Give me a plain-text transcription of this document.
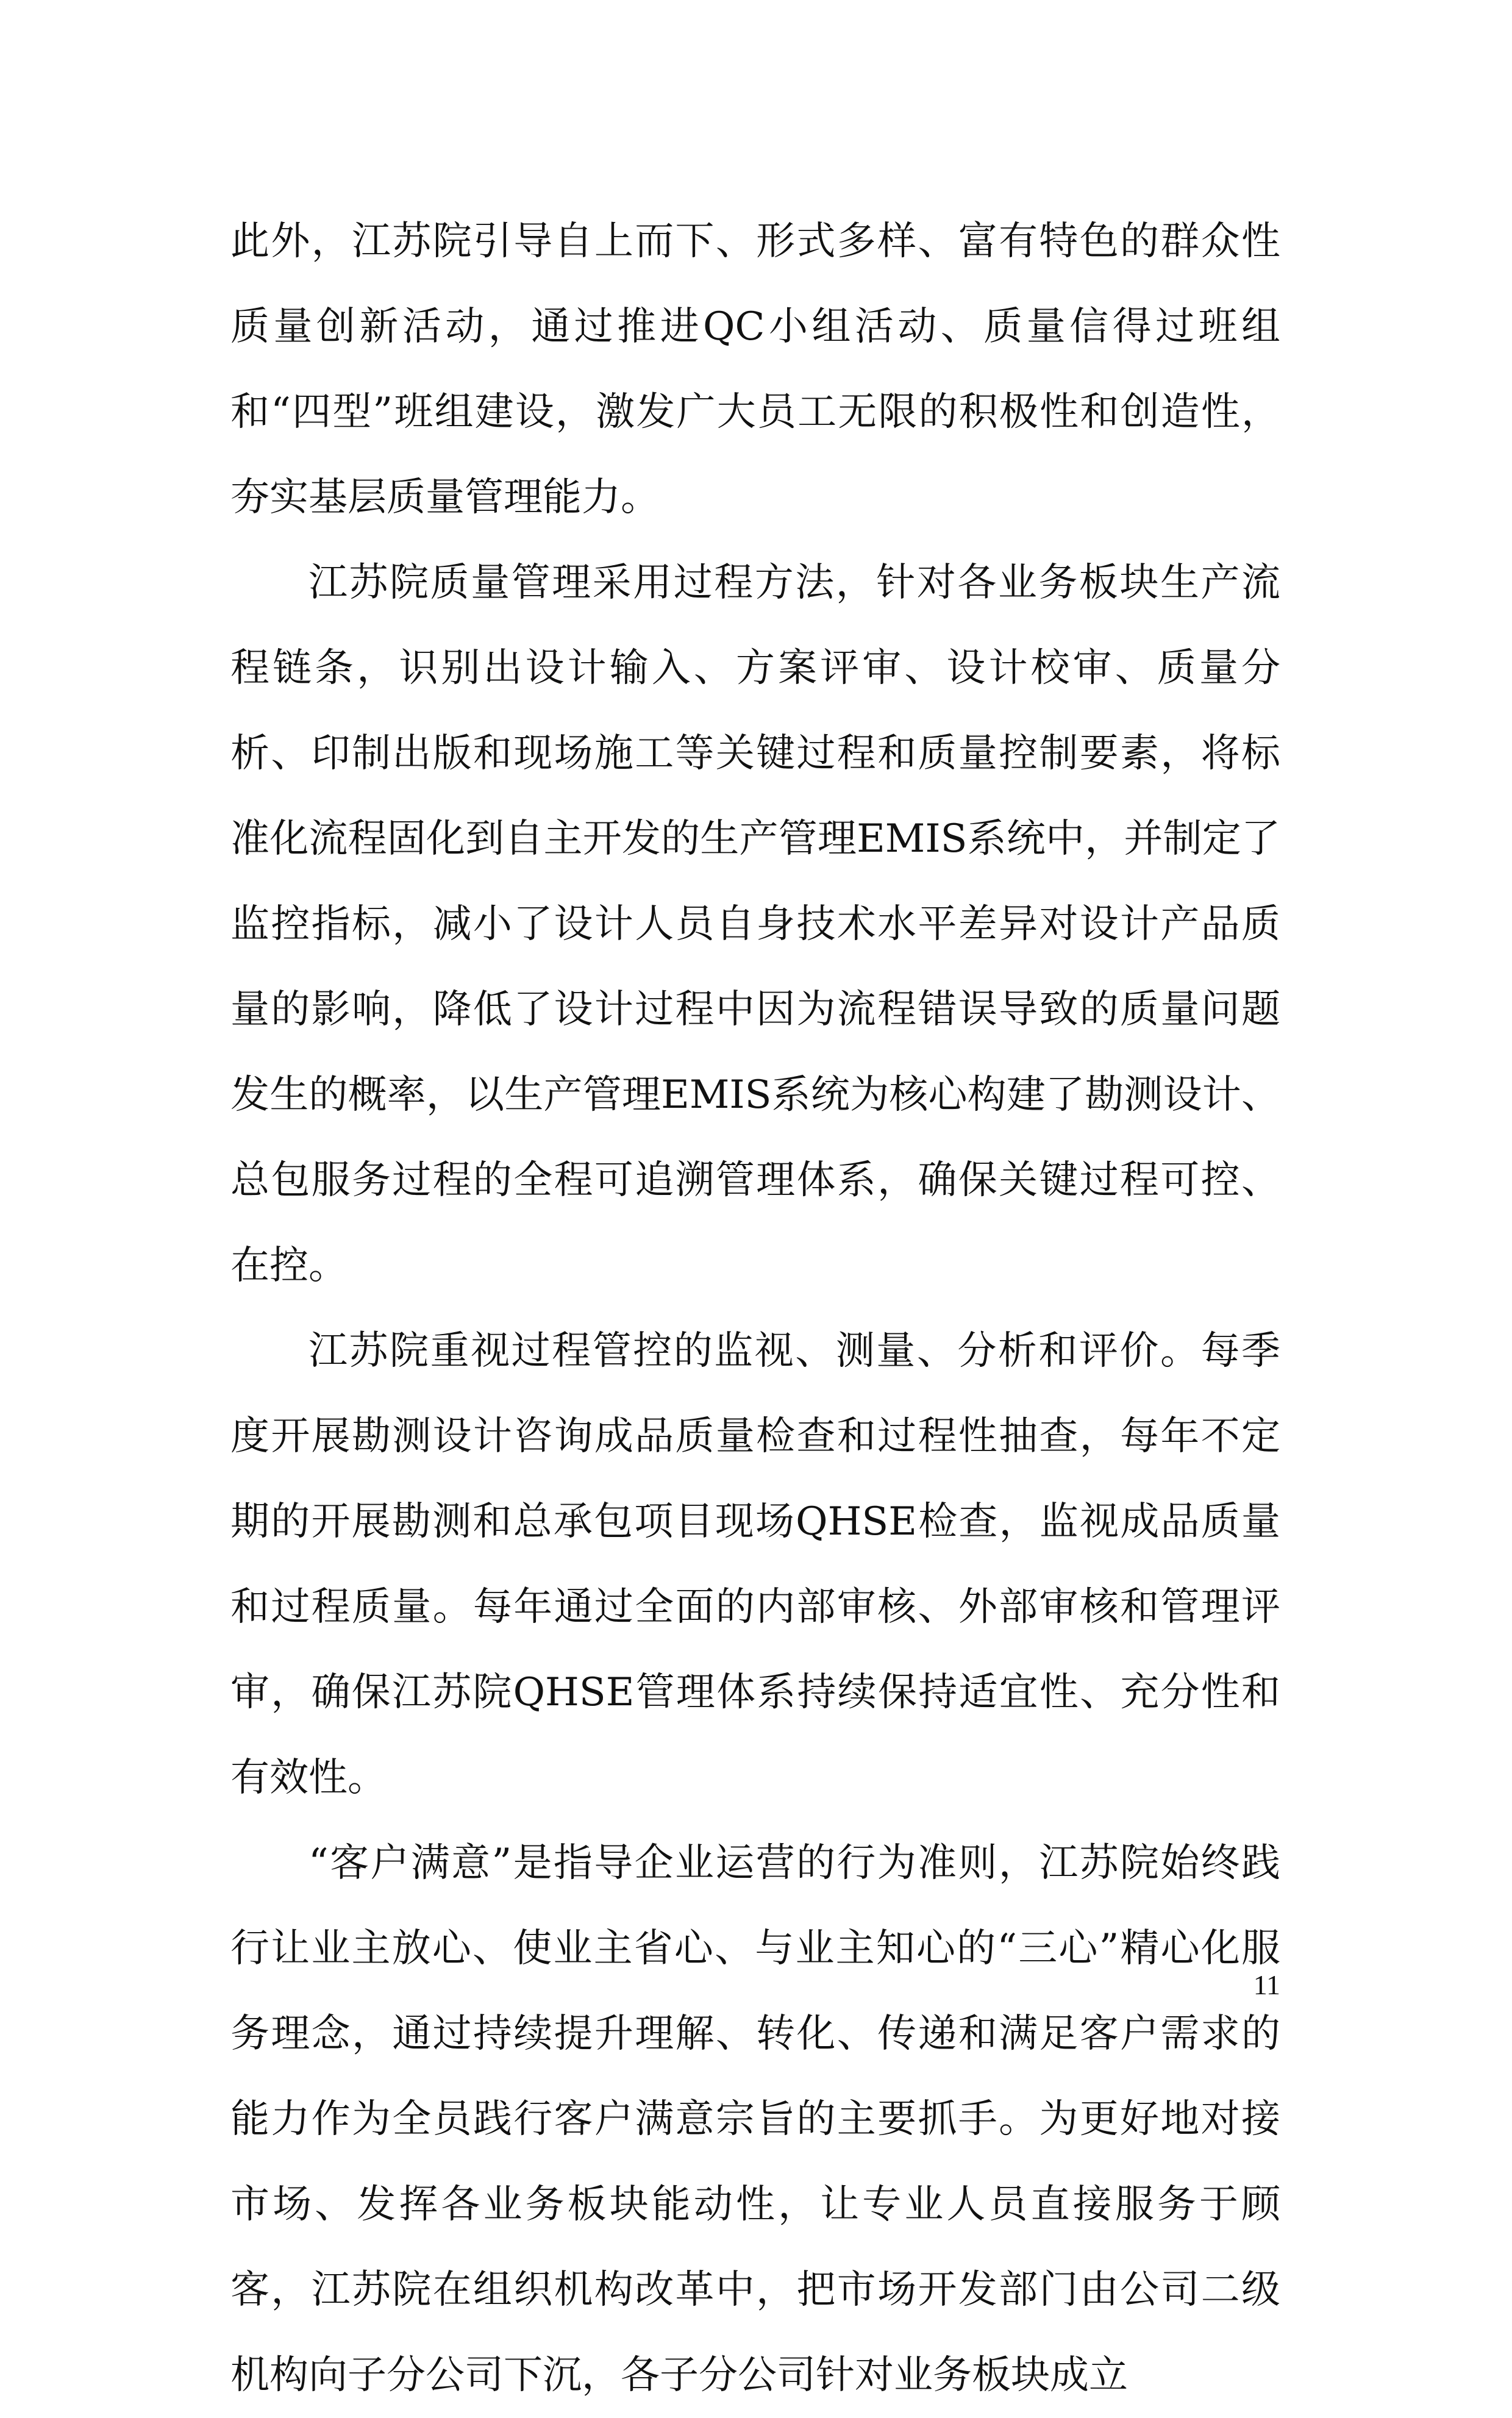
此外，江苏院引导自上而下、形式多样、富有特色的群众性质量创新活动，通过推进QC小组活动、质量信得过班组和“四型”班组建设，激发广大员工无限的积极性和创造性，夯实基层质量管理能力。

江苏院质量管理采用过程方法，针对各业务板块生产流程链条，识别出设计输入、方案评审、设计校审、质量分析、印制出版和现场施工等关键过程和质量控制要素，将标准化流程固化到自主开发的生产管理EMIS系统中，并制定了监控指标，减小了设计人员自身技术水平差异对设计产品质量的影响，降低了设计过程中因为流程错误导致的质量问题发生的概率，以生产管理EMIS系统为核心构建了勘测设计、总包服务过程的全程可追溯管理体系，确保关键过程可控、在控。

江苏院重视过程管控的监视、测量、分析和评价。每季度开展勘测设计咨询成品质量检查和过程性抽查，每年不定期的开展勘测和总承包项目现场QHSE检查，监视成品质量和过程质量。每年通过全面的内部审核、外部审核和管理评审，确保江苏院QHSE管理体系持续保持适宜性、充分性和有效性。

“客户满意”是指导企业运营的行为准则，江苏院始终践行让业主放心、使业主省心、与业主知心的“三心”精心化服务理念，通过持续提升理解、转化、传递和满足客户需求的能力作为全员践行客户满意宗旨的主要抓手。为更好地对接市场、发挥各业务板块能动性，让专业人员直接服务于顾客，江苏院在组织机构改革中，把市场开发部门由公司二级机构向子分公司下沉，各子分公司针对业务板块成立

11
